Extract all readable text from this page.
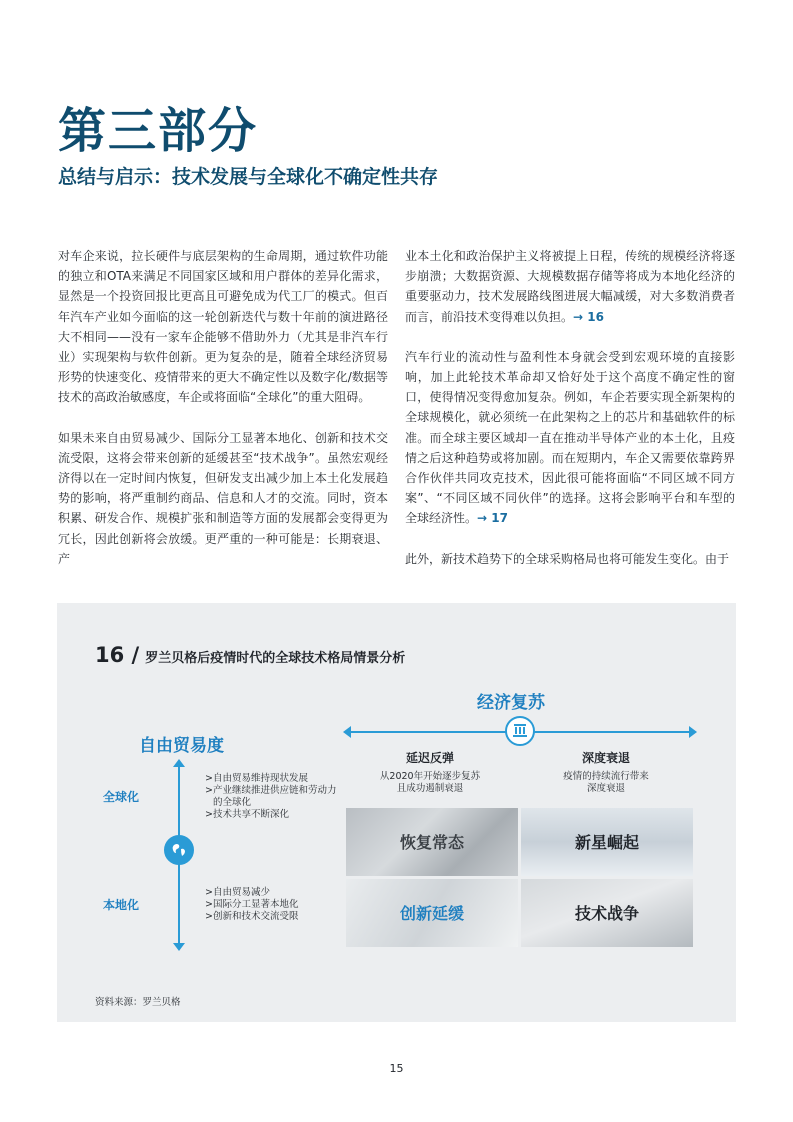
第三部分
总结与启示：技术发展与全球化不确定性共存

对车企来说，拉长硬件与底层架构的生命周期，通过软件功能的独立和OTA来满足不同国家区域和用户群体的差异化需求，显然是一个投资回报比更高且可避免成为代工厂的模式。但百年汽车产业如今面临的这一轮创新迭代与数十年前的演进路径大不相同——没有一家车企能够不借助外力（尤其是非汽车行业）实现架构与软件创新。更为复杂的是，随着全球经济贸易形势的快速变化、疫情带来的更大不确定性以及数字化/数据等技术的高政治敏感度，车企或将面临“全球化”的重大阻碍。

如果未来自由贸易减少、国际分工显著本地化、创新和技术交流受限，这将会带来创新的延缓甚至“技术战争”。虽然宏观经济得以在一定时间内恢复，但研发支出减少加上本土化发展趋势的影响，将严重制约商品、信息和人才的交流。同时，资本积累、研发合作、规模扩张和制造等方面的发展都会变得更为冗长，因此创新将会放缓。更严重的一种可能是：长期衰退、产

业本土化和政治保护主义将被提上日程，传统的规模经济将逐步崩溃；大数据资源、大规模数据存储等将成为本地化经济的重要驱动力，技术发展路线图进展大幅减缓，对大多数消费者而言，前沿技术变得难以负担。→ 16

汽车行业的流动性与盈利性本身就会受到宏观环境的直接影响，加上此轮技术革命却又恰好处于这个高度不确定性的窗口，使得情况变得愈加复杂。例如，车企若要实现全新架构的全球规模化，就必须统一在此架构之上的芯片和基础软件的标准。而全球主要区域却一直在推动半导体产业的本土化，且疫情之后这种趋势或将加剧。而在短期内，车企又需要依靠跨界合作伙伴共同攻克技术，因此很可能将面临“不同区域不同方案”、“不同区域不同伙伴”的选择。这将会影响平台和车型的全球经济性。→ 17

此外，新技术趋势下的全球采购格局也将可能发生变化。由于

16 / 罗兰贝格后疫情时代的全球技术格局情景分析
经济复苏
延迟反弹
从2020年开始逐步复苏
且成功遏制衰退
深度衰退
疫情的持续流行带来
深度衰退
自由贸易度
全球化
本地化
> 自由贸易维持现状发展
> 产业继续推进供应链和劳动力的全球化
> 技术共享不断深化
> 自由贸易减少
> 国际分工显著本地化
> 创新和技术交流受限
恢复常态	新星崛起
创新延缓	技术战争
资料来源：罗兰贝格
15
